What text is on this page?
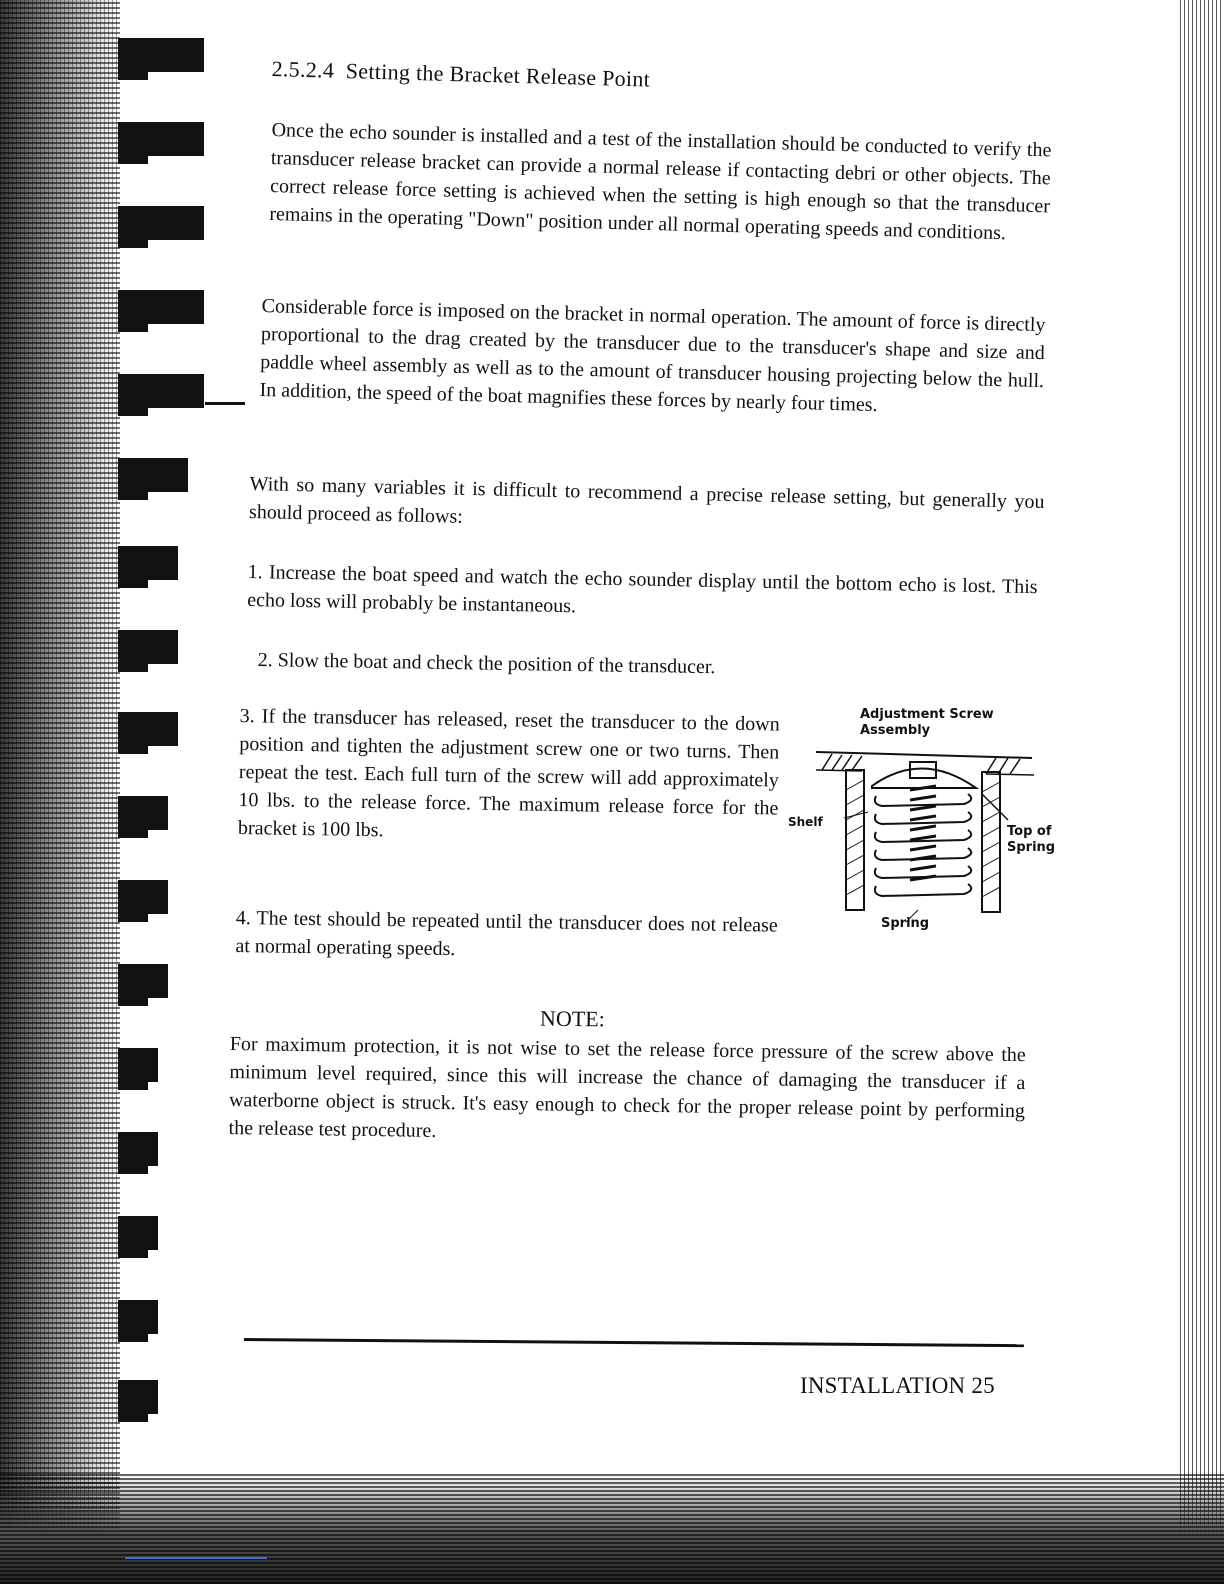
2.5.2.4 Setting the Bracket Release Point

Once the echo sounder is installed and a test of the installation should be conducted to verify the transducer release bracket can provide a normal release if contacting debri or other objects. The correct release force setting is achieved when the setting is high enough so that the transducer remains in the operating "Down" position under all normal operating speeds and conditions.

Considerable force is imposed on the bracket in normal operation. The amount of force is directly proportional to the drag created by the transducer due to the transducer's shape and size and paddle wheel assembly as well as to the amount of transducer housing projecting below the hull. In addition, the speed of the boat magnifies these forces by nearly four times.

With so many variables it is difficult to recommend a precise release setting, but generally you should proceed as follows:

1. Increase the boat speed and watch the echo sounder display until the bottom echo is lost. This echo loss will probably be instantaneous.

2. Slow the boat and check the position of the transducer.

3. If the transducer has released, reset the transducer to the down position and tighten the adjustment screw one or two turns. Then repeat the test. Each full turn of the screw will add approximately 10 lbs. to the release force. The maximum release force for the bracket is 100 lbs.

4. The test should be repeated until the transducer does not release at normal operating speeds.

Adjustment Screw Assembly
Shelf
Top of Spring
Spring
NOTE:

For maximum protection, it is not wise to set the release force pressure of the screw above the minimum level required, since this will increase the chance of damaging the transducer if a waterborne object is struck. It's easy enough to check for the proper release point by performing the release test procedure.

INSTALLATION 25
